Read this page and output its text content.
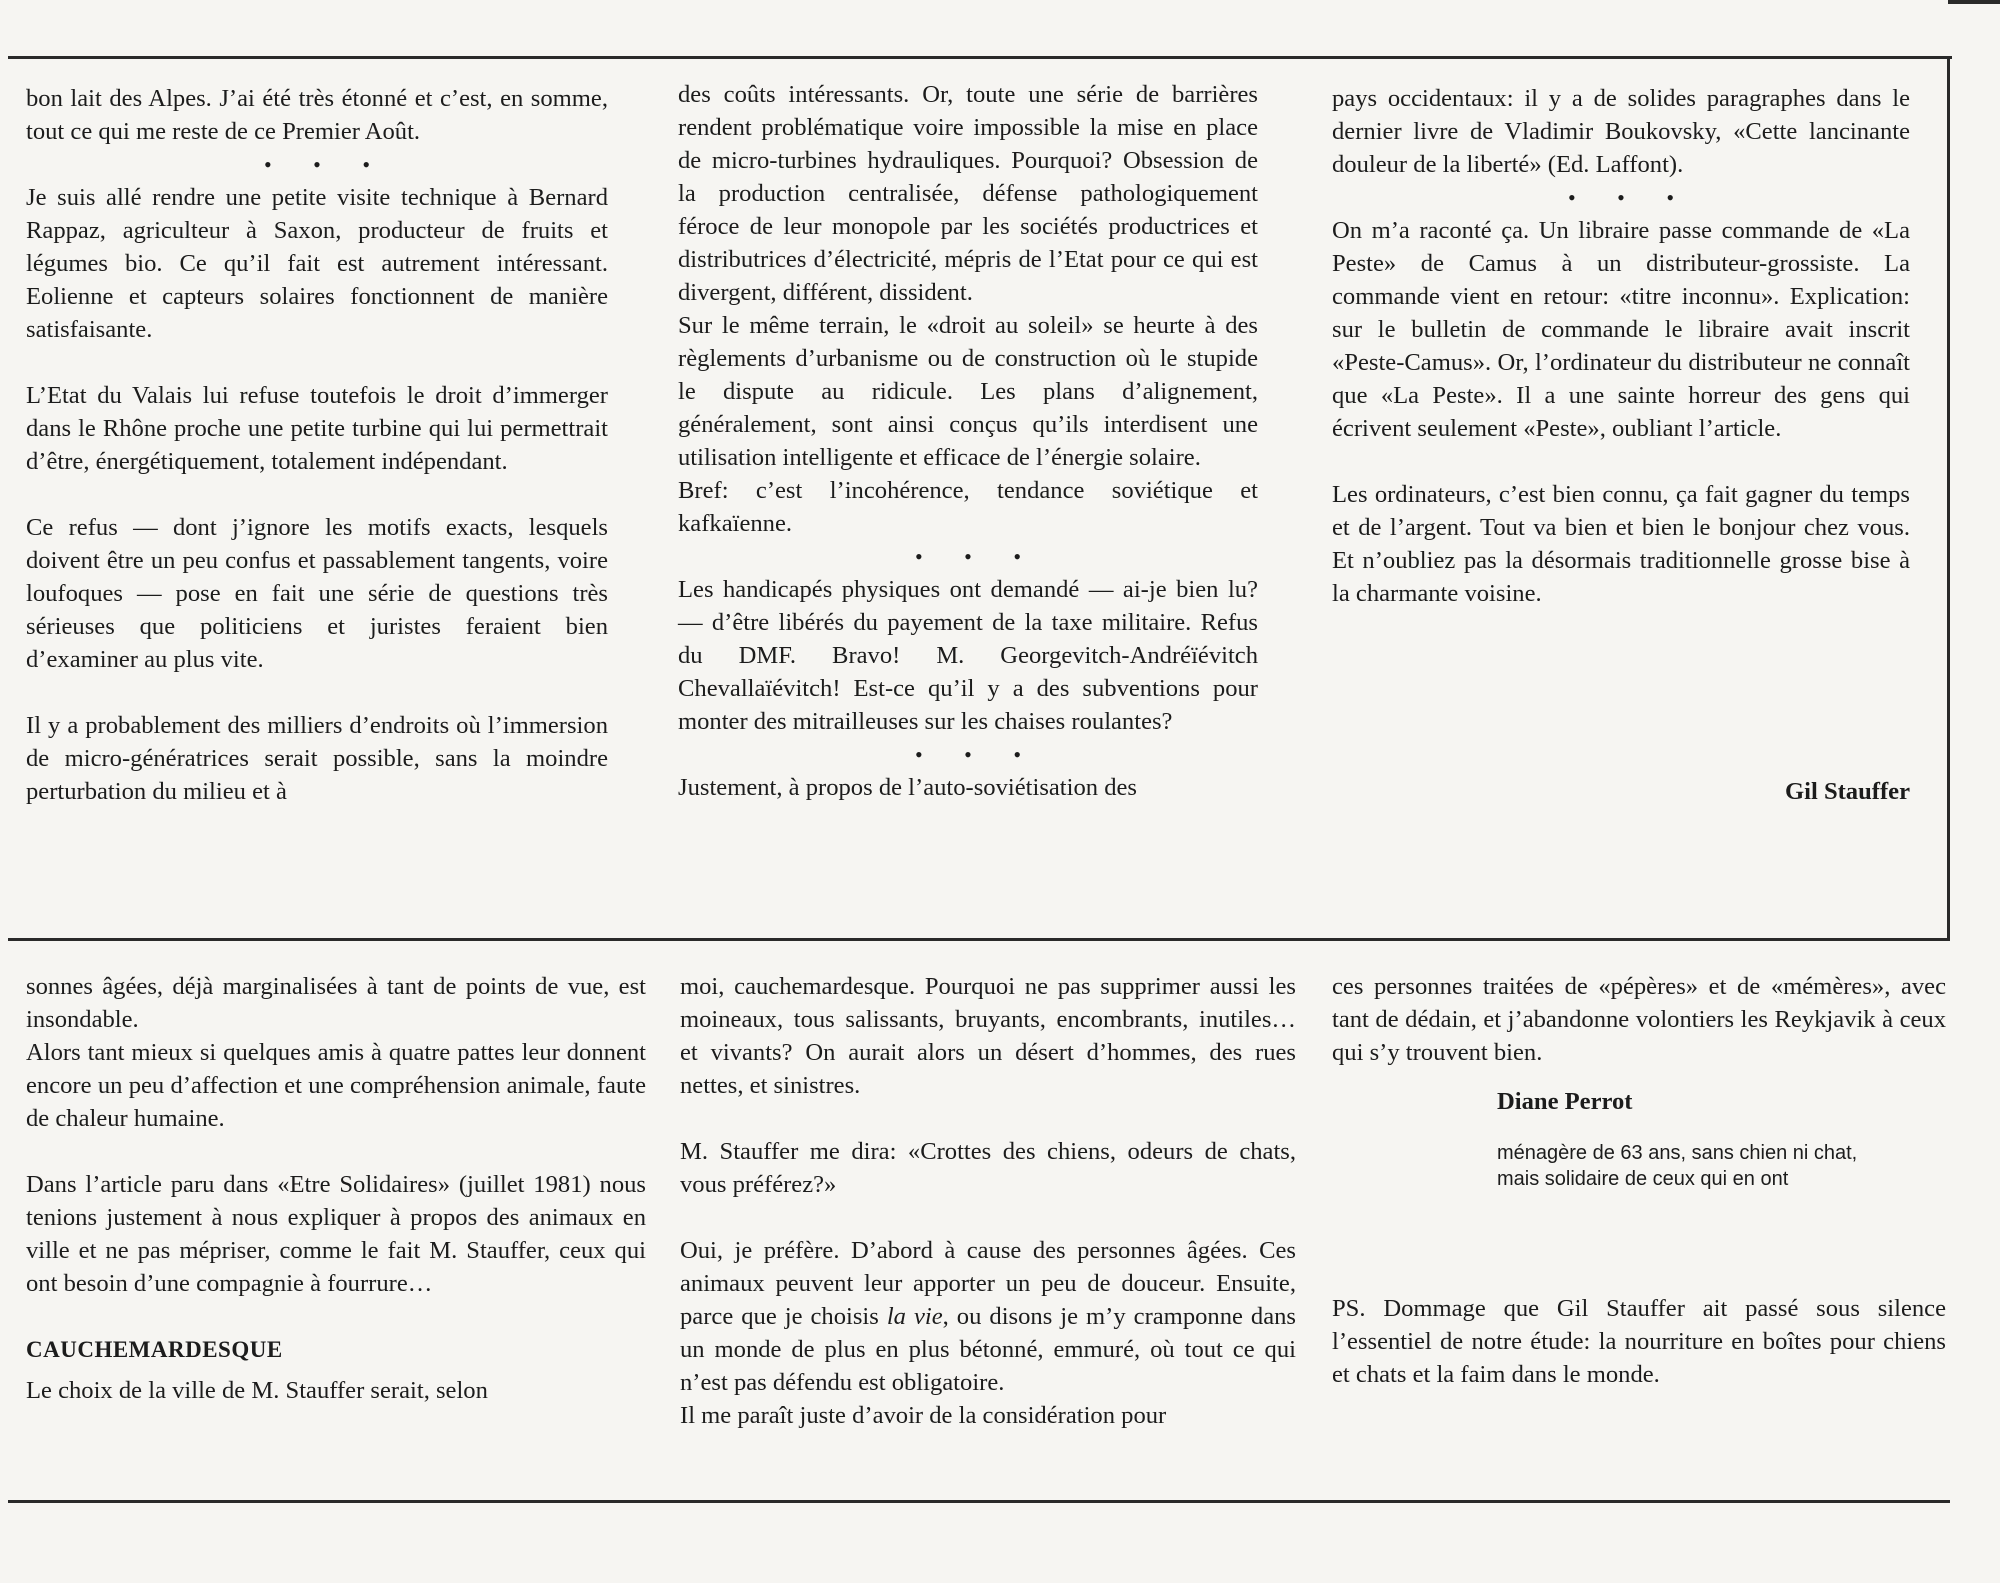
bon lait des Alpes. J’ai été très étonné et c’est, en somme, tout ce qui me reste de ce Premier Août.

• • •

Je suis allé rendre une petite visite technique à Bernard Rappaz, agriculteur à Saxon, producteur de fruits et légumes bio. Ce qu’il fait est autrement intéressant. Eolienne et capteurs solaires fonctionnent de manière satisfaisante.

L’Etat du Valais lui refuse toutefois le droit d’immerger dans le Rhône proche une petite turbine qui lui permettrait d’être, énergétiquement, totalement indépendant.

Ce refus — dont j’ignore les motifs exacts, lesquels doivent être un peu confus et passablement tangents, voire loufoques — pose en fait une série de questions très sérieuses que politiciens et juristes feraient bien d’examiner au plus vite.

Il y a probablement des milliers d’endroits où l’immersion de micro-génératrices serait possible, sans la moindre perturbation du milieu et à

des coûts intéressants. Or, toute une série de barrières rendent problématique voire impossible la mise en place de micro-turbines hydrauliques. Pourquoi? Obsession de la production centralisée, défense pathologiquement féroce de leur monopole par les sociétés productrices et distributrices d’électricité, mépris de l’Etat pour ce qui est divergent, différent, dissident.

Sur le même terrain, le «droit au soleil» se heurte à des règlements d’urbanisme ou de construction où le stupide le dispute au ridicule. Les plans d’alignement, généralement, sont ainsi conçus qu’ils interdisent une utilisation intelligente et efficace de l’énergie solaire.

Bref: c’est l’incohérence, tendance soviétique et kafkaïenne.

• • •

Les handicapés physiques ont demandé — ai-je bien lu? — d’être libérés du payement de la taxe militaire. Refus du DMF. Bravo! M. Georgevitch-Andréïévitch Chevallaïévitch! Est-ce qu’il y a des subventions pour monter des mitrailleuses sur les chaises roulantes?

• • •

Justement, à propos de l’auto-soviétisation des

pays occidentaux: il y a de solides paragraphes dans le dernier livre de Vladimir Boukovsky, «Cette lancinante douleur de la liberté» (Ed. Laffont).

• • •

On m’a raconté ça. Un libraire passe commande de «La Peste» de Camus à un distributeur-grossiste. La commande vient en retour: «titre inconnu». Explication: sur le bulletin de commande le libraire avait inscrit «Peste-Camus». Or, l’ordinateur du distributeur ne connaît que «La Peste». Il a une sainte horreur des gens qui écrivent seulement «Peste», oubliant l’article.

Les ordinateurs, c’est bien connu, ça fait gagner du temps et de l’argent. Tout va bien et bien le bonjour chez vous. Et n’oubliez pas la désormais traditionnelle grosse bise à la charmante voisine.

Gil Stauffer

sonnes âgées, déjà marginalisées à tant de points de vue, est insondable.

Alors tant mieux si quelques amis à quatre pattes leur donnent encore un peu d’affection et une compréhension animale, faute de chaleur humaine.

Dans l’article paru dans «Etre Solidaires» (juillet 1981) nous tenions justement à nous expliquer à propos des animaux en ville et ne pas mépriser, comme le fait M. Stauffer, ceux qui ont besoin d’une compagnie à fourrure…

CAUCHEMARDESQUE

Le choix de la ville de M. Stauffer serait, selon

moi, cauchemardesque. Pourquoi ne pas supprimer aussi les moineaux, tous salissants, bruyants, encombrants, inutiles… et vivants? On aurait alors un désert d’hommes, des rues nettes, et sinistres.

M. Stauffer me dira: «Crottes des chiens, odeurs de chats, vous préférez?»

Oui, je préfère. D’abord à cause des personnes âgées. Ces animaux peuvent leur apporter un peu de douceur. Ensuite, parce que je choisis la vie, ou disons je m’y cramponne dans un monde de plus en plus bétonné, emmuré, où tout ce qui n’est pas défendu est obligatoire.

Il me paraît juste d’avoir de la considération pour

ces personnes traitées de «pépères» et de «mémères», avec tant de dédain, et j’abandonne volontiers les Reykjavik à ceux qui s’y trouvent bien.

Diane Perrot

ménagère de 63 ans, sans chien ni chat,

mais solidaire de ceux qui en ont

PS. Dommage que Gil Stauffer ait passé sous silence l’essentiel de notre étude: la nourriture en boîtes pour chiens et chats et la faim dans le monde.
